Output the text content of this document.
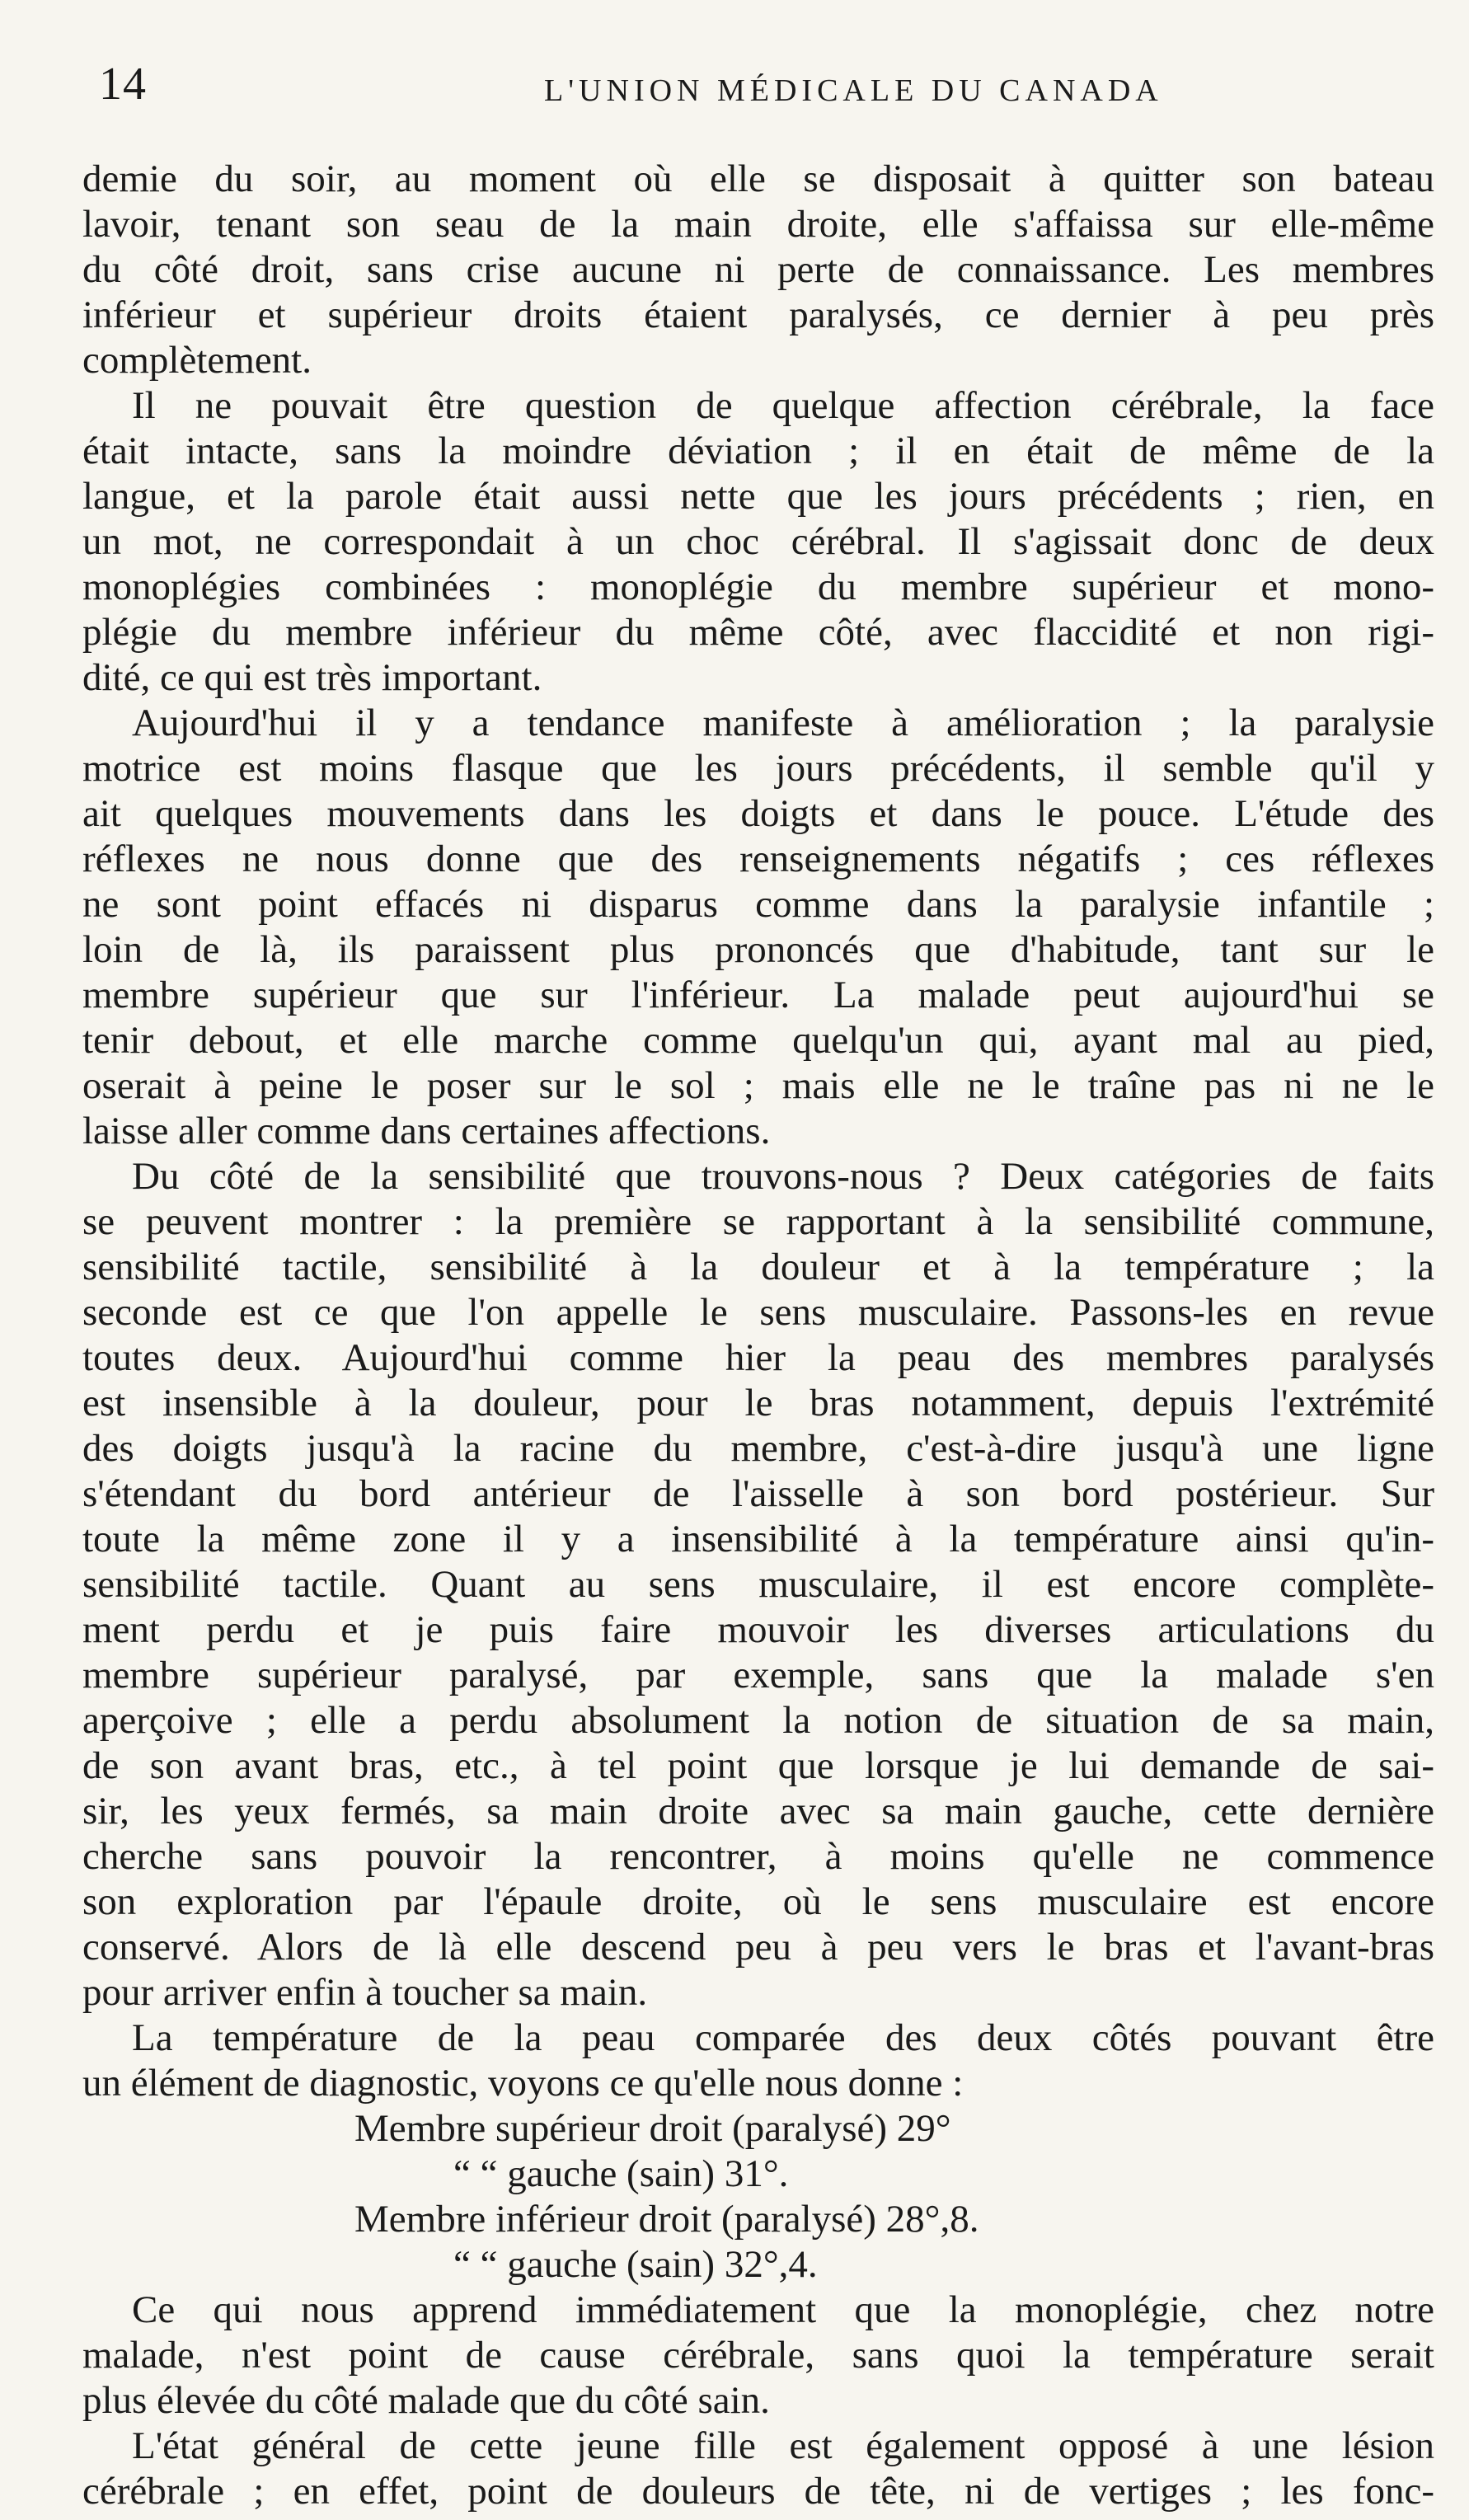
14	L'UNION MÉDICALE DU CANADA
demie du soir, au moment où elle se disposait à quitter son bateau
lavoir, tenant son seau de la main droite, elle s'affaissa sur elle-même
du côté droit, sans crise aucune ni perte de connaissance. Les membres
inférieur et supérieur droits étaient paralysés, ce dernier à peu près
complètement.
Il ne pouvait être question de quelque affection cérébrale, la face
était intacte, sans la moindre déviation ; il en était de même de la
langue, et la parole était aussi nette que les jours précédents ; rien, en
un mot, ne correspondait à un choc cérébral. Il s'agissait donc de deux
monoplégies combinées : monoplégie du membre supérieur et mono-
plégie du membre inférieur du même côté, avec flaccidité et non rigi-
dité, ce qui est très important.
Aujourd'hui il y a tendance manifeste à amélioration ; la paralysie
motrice est moins flasque que les jours précédents, il semble qu'il y
ait quelques mouvements dans les doigts et dans le pouce. L'étude des
réflexes ne nous donne que des renseignements négatifs ; ces réflexes
ne sont point effacés ni disparus comme dans la paralysie infantile ;
loin de là, ils paraissent plus prononcés que d'habitude, tant sur le
membre supérieur que sur l'inférieur. La malade peut aujourd'hui se
tenir debout, et elle marche comme quelqu'un qui, ayant mal au pied,
oserait à peine le poser sur le sol ; mais elle ne le traîne pas ni ne le
laisse aller comme dans certaines affections.
Du côté de la sensibilité que trouvons-nous ? Deux catégories de faits
se peuvent montrer : la première se rapportant à la sensibilité commune,
sensibilité tactile, sensibilité à la douleur et à la température ; la
seconde est ce que l'on appelle le sens musculaire. Passons-les en revue
toutes deux. Aujourd'hui comme hier la peau des membres paralysés
est insensible à la douleur, pour le bras notamment, depuis l'extrémité
des doigts jusqu'à la racine du membre, c'est-à-dire jusqu'à une ligne
s'étendant du bord antérieur de l'aisselle à son bord postérieur. Sur
toute la même zone il y a insensibilité à la température ainsi qu'in-
sensibilité tactile. Quant au sens musculaire, il est encore complète-
ment perdu et je puis faire mouvoir les diverses articulations du
membre supérieur paralysé, par exemple, sans que la malade s'en
aperçoive ; elle a perdu absolument la notion de situation de sa main,
de son avant bras, etc., à tel point que lorsque je lui demande de sai-
sir, les yeux fermés, sa main droite avec sa main gauche, cette dernière
cherche sans pouvoir la rencontrer, à moins qu'elle ne commence
son exploration par l'épaule droite, où le sens musculaire est encore
conservé. Alors de là elle descend peu à peu vers le bras et l'avant-bras
pour arriver enfin à toucher sa main.
La température de la peau comparée des deux côtés pouvant être
un élément de diagnostic, voyons ce qu'elle nous donne :
Membre supérieur droit (paralysé) 29°
“ “ gauche (sain) 31°.
Membre inférieur droit (paralysé) 28°,8.
“ “ gauche (sain) 32°,4.
Ce qui nous apprend immédiatement que la monoplégie, chez notre
malade, n'est point de cause cérébrale, sans quoi la température serait
plus élevée du côté malade que du côté sain.
L'état général de cette jeune fille est également opposé à une lésion
cérébrale ; en effet, point de douleurs de tête, ni de vertiges ; les fonc-
